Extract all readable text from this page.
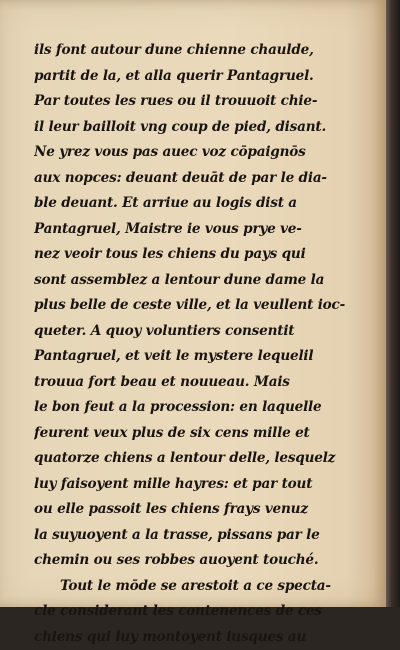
ils font autour dune chienne chaulde,
partit de la, et alla querir Pantagruel.
Par toutes les rues ou il trouuoit chie‑
il leur bailloit vng coup de pied, disant.
Ne yrez vous pas auec voz cōpaignōs
aux nopces: deuant deuāt de par le dia‑
ble deuant. Et arriue au logis dist a
Pantagruel, Maistre ie vous prye ve‑
nez veoir tous les chiens du pays qui
sont assemblez a lentour dune dame la
plus belle de ceste ville, et la veullent ioc‑
queter. A quoy voluntiers consentit
Pantagruel, et veit le mystere lequelil
trouua fort beau et nouueau. Mais
le bon feut a la procession: en laquelle
feurent veux plus de six cens mille et
quatorze chiens a lentour delle, lesquelz
luy faisoyent mille hayres: et par tout
ou elle passoit les chiens frays venuz
la suyuoyent a la trasse, pissans par le
chemin ou ses robbes auoyent touché.
Tout le mōde se arestoit a ce specta‑
cle considerant les contenences de ces
chiens qui luy montoyent iusques au
